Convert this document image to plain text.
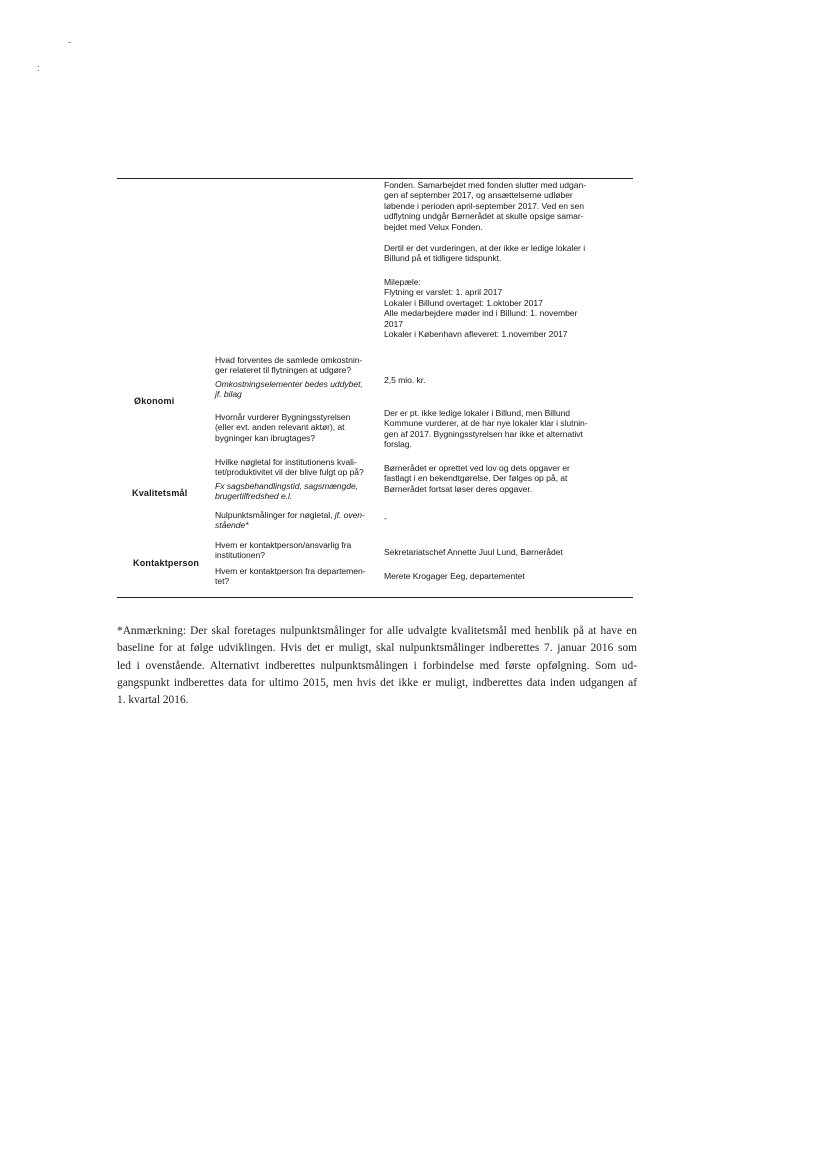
-
:
Fonden. Samarbejdet med fonden slutter med udgan-
gen af september 2017, og ansættelserne udløber
løbende i perioden april-september 2017. Ved en sen
udflytning undgår Børnerådet at skulle opsige samar-
bejdet med Velux Fonden.
Dertil er det vurderingen, at der ikke er ledige lokaler i
Billund på et tidligere tidspunkt.
Milepæle:
Flytning er varslet: 1. april 2017
Lokaler i Billund overtaget: 1.oktober 2017
Alle medarbejdere møder ind i Billund: 1. november
2017
Lokaler i København afleveret: 1.november 2017
Hvad forventes de samlede omkostnin-
ger relateret til flytningen at udgøre?
Omkostningselementer bedes uddybet,
jf. bilag
2,5 mio. kr.
Økonomi
Hvornår vurderer Bygningsstyrelsen
(eller evt. anden relevant aktør), at
bygninger kan ibrugtages?
Der er pt. ikke ledige lokaler i Billund, men Billund
Kommune vurderer, at de har nye lokaler klar i slutnin-
gen af 2017. Bygningsstyrelsen har ikke et alternativt
forslag.
Hvilke nøgletal for institutionens kvali-
tet/produktivitet vil der blive fulgt op på?
Fx sagsbehandlingstid, sagsmængde,
brugertilfredshed e.l.
Børnerådet er oprettet ved lov og dets opgaver er
fastlagt i en bekendtgørelse. Der følges op på, at
Børnerådet fortsat løser deres opgaver.
Kvalitetsmål
Nulpunktsmålinger for nøgletal, jf. oven-
stående*
-
Hvem er kontaktperson/ansvarlig fra
institutionen?	Sekretariatschef Annette Juul Lund, Børnerådet
Kontaktperson
Hvem er kontaktperson fra departemen-
tet?
Merete Krogager Eeg, departementet
*Anmærkning: Der skal foretages nulpunktsmålinger for alle udvalgte kvalitetsmål med henblik på at have en
baseline for at følge udviklingen. Hvis det er muligt, skal nulpunktsmålinger indberettes 7. januar 2016 som
led i ovenstående. Alternativt indberettes nulpunktsmålingen i forbindelse med første opfølgning. Som ud-
gangspunkt indberettes data for ultimo 2015, men hvis det ikke er muligt, indberettes data inden udgangen af
1. kvartal 2016.
